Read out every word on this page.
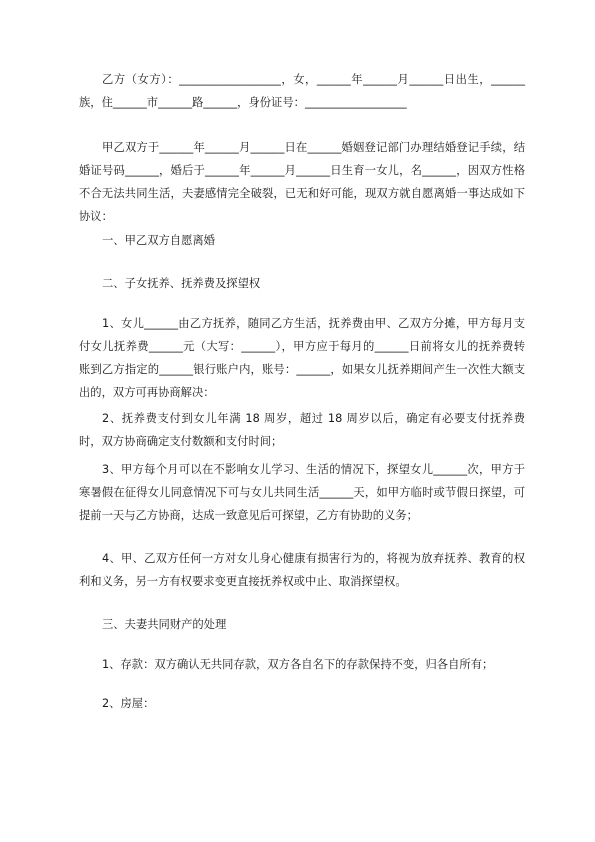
乙方（女方）：__________________，女，______年______月______日出生，______族，住______市______路______，身份证号：__________________

甲乙双方于______年______月______日在______婚姻登记部门办理结婚登记手续，结婚证号码______，婚后于______年______月______日生育一女儿，名______，因双方性格不合无法共同生活，夫妻感情完全破裂，已无和好可能，现双方就自愿离婚一事达成如下协议：

一、甲乙双方自愿离婚

二、子女抚养、抚养费及探望权

1、女儿______由乙方抚养，随同乙方生活，抚养费由甲、乙双方分摊，甲方每月支付女儿抚养费______元（大写：______），甲方应于每月的______日前将女儿的抚养费转账到乙方指定的______银行账户内，账号：______，如果女儿抚养期间产生一次性大额支出的，双方可再协商解决：

2、抚养费支付到女儿年满 18 周岁，超过 18 周岁以后，确定有必要支付抚养费时，双方协商确定支付数额和支付时间；

3、甲方每个月可以在不影响女儿学习、生活的情况下，探望女儿______次，甲方于寒暑假在征得女儿同意情况下可与女儿共同生活______天，如甲方临时或节假日探望，可提前一天与乙方协商，达成一致意见后可探望，乙方有协助的义务；

4、甲、乙双方任何一方对女儿身心健康有损害行为的，将视为放弃抚养、教育的权利和义务，另一方有权要求变更直接抚养权或中止、取消探望权。

三、夫妻共同财产的处理

1、存款：双方确认无共同存款，双方各自名下的存款保持不变，归各自所有；

2、房屋：
